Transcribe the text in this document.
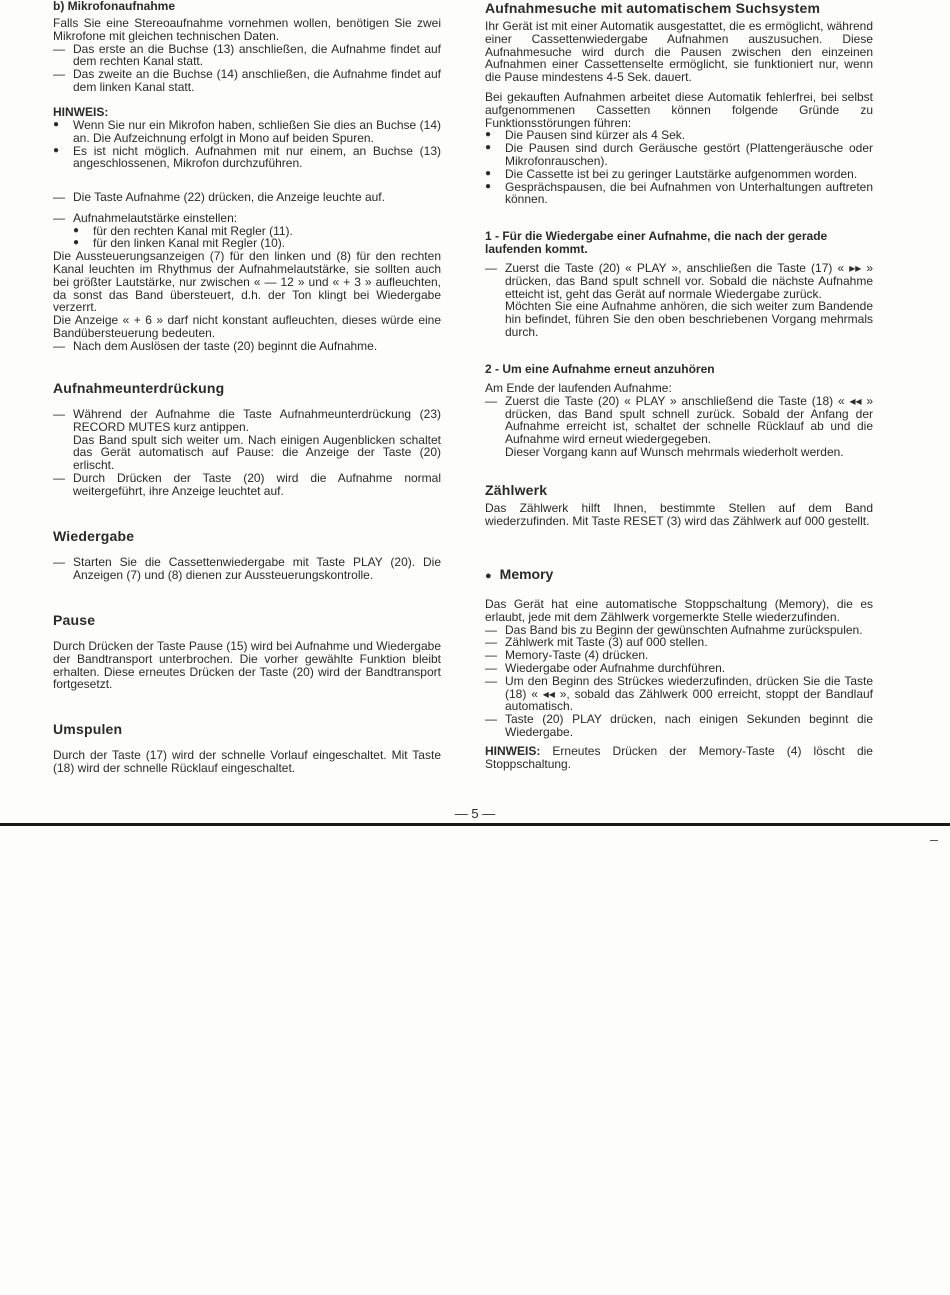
b) Mikrofonaufnahme

Falls Sie eine Stereoaufnahme vornehmen wollen, benötigen Sie zwei Mikrofone mit gleichen technischen Daten.

— Das erste an die Buchse (13) anschließen, die Aufnahme findet auf dem rechten Kanal statt.
— Das zweite an die Buchse (14) anschließen, die Aufnahme findet auf dem linken Kanal statt.

HINWEIS:

● Wenn Sie nur ein Mikrofon haben, schließen Sie dies an Buchse (14) an. Die Aufzeichnung erfolgt in Mono auf beiden Spuren.
● Es ist nicht möglich. Aufnahmen mit nur einem, an Buchse (13) angeschlossenen, Mikrofon durchzuführen.
— Die Taste Aufnahme (22) drücken, die Anzeige leuchte auf.
— Aufnahmelautstärke einstellen:
● für den rechten Kanal mit Regler (11).
● für den linken Kanal mit Regler (10).

Die Aussteuerungsanzeigen (7) für den linken und (8) für den rechten Kanal leuchten im Rhythmus der Aufnahmelautstärke, sie sollten auch bei größter Lautstärke, nur zwischen « — 12 » und « + 3 » aufleuchten, da sonst das Band übersteuert, d.h. der Ton klingt bei Wiedergabe verzerrt.

Die Anzeige « + 6 » darf nicht konstant aufleuchten, dieses würde eine Bandübersteuerung bedeuten.

— Nach dem Auslösen der taste (20) beginnt die Aufnahme.

Aufnahmeunterdrückung

— Während der Aufnahme die Taste Aufnahmeunterdrückung (23) RECORD MUTES kurz antippen.
Das Band spult sich weiter um. Nach einigen Augenblicken schaltet das Gerät automatisch auf Pause: die Anzeige der Taste (20) erlischt.
— Durch Drücken der Taste (20) wird die Aufnahme normal weitergeführt, ihre Anzeige leuchtet auf.

Wiedergabe

— Starten Sie die Cassettenwiedergabe mit Taste PLAY (20). Die Anzeigen (7) und (8) dienen zur Aussteuerungskontrolle.

Pause

Durch Drücken der Taste Pause (15) wird bei Aufnahme und Wiedergabe der Bandtransport unterbrochen. Die vorher gewählte Funktion bleibt erhalten. Diese erneutes Drücken der Taste (20) wird der Bandtransport fortgesetzt.

Umspulen

Durch der Taste (17) wird der schnelle Vorlauf eingeschaltet. Mit Taste (18) wird der schnelle Rücklauf eingeschaltet.

Aufnahmesuche mit automatischem Suchsystem

Ihr Gerät ist mit einer Automatik ausgestattet, die es ermöglicht, während einer Cassettenwiedergabe Aufnahmen auszusuchen. Diese Aufnahmesuche wird durch die Pausen zwischen den einzeinen Aufnahmen einer Cassettenselte ermöglicht, sie funktioniert nur, wenn die Pause mindestens 4-5 Sek. dauert.

Bei gekauften Aufnahmen arbeitet diese Automatik fehlerfrei, bei selbst aufgenommenen Cassetten können folgende Gründe zu Funktionsstörungen führen:

● Die Pausen sind kürzer als 4 Sek.
● Die Pausen sind durch Geräusche gestört (Plattengeräusche oder Mikrofonrauschen).
● Die Cassette ist bei zu geringer Lautstärke aufgenommen worden.
● Gesprächspausen, die bei Aufnahmen von Unterhaltungen auftreten können.

1 - Für die Wiedergabe einer Aufnahme, die nach der gerade laufenden kommt.

— Zuerst die Taste (20) « PLAY », anschließen die Taste (17) « ▸▸ » drücken, das Band spult schnell vor. Sobald die nächste Aufnahme etteicht ist, geht das Gerät auf normale Wiedergabe zurück.
Möchten Sie eine Aufnahme anhören, die sich weiter zum Bandende hin befindet, führen Sie den oben beschriebenen Vorgang mehrmals durch.

2 - Um eine Aufnahme erneut anzuhören

Am Ende der laufenden Aufnahme:

— Zuerst die Taste (20) « PLAY » anschließend die Taste (18) « ◂◂ » drücken, das Band spult schnell zurück. Sobald der Anfang der Aufnahme erreicht ist, schaltet der schnelle Rücklauf ab und die Aufnahme wird erneut wiedergegeben.
Dieser Vorgang kann auf Wunsch mehrmals wiederholt werden.

Zählwerk

Das Zählwerk hilft Ihnen, bestimmte Stellen auf dem Band wiederzufinden. Mit Taste RESET (3) wird das Zählwerk auf 000 gestellt.

● Memory

Das Gerät hat eine automatische Stoppschaltung (Memory), die es erlaubt, jede mit dem Zählwerk vorgemerkte Stelle wiederzufinden.

— Das Band bis zu Beginn der gewünschten Aufnahme zurückspulen.
— Zählwerk mit Taste (3) auf 000 stellen.
— Memory-Taste (4) drücken.
— Wiedergabe oder Aufnahme durchführen.
— Um den Beginn des Strückes wiederzufinden, drücken Sie die Taste (18) « ◂◂ », sobald das Zählwerk 000 erreicht, stoppt der Bandlauf automatisch.
— Taste (20) PLAY drücken, nach einigen Sekunden beginnt die Wiedergabe.

HINWEIS: Erneutes Drücken der Memory-Taste (4) löscht die Stoppschaltung.

— 5 —
